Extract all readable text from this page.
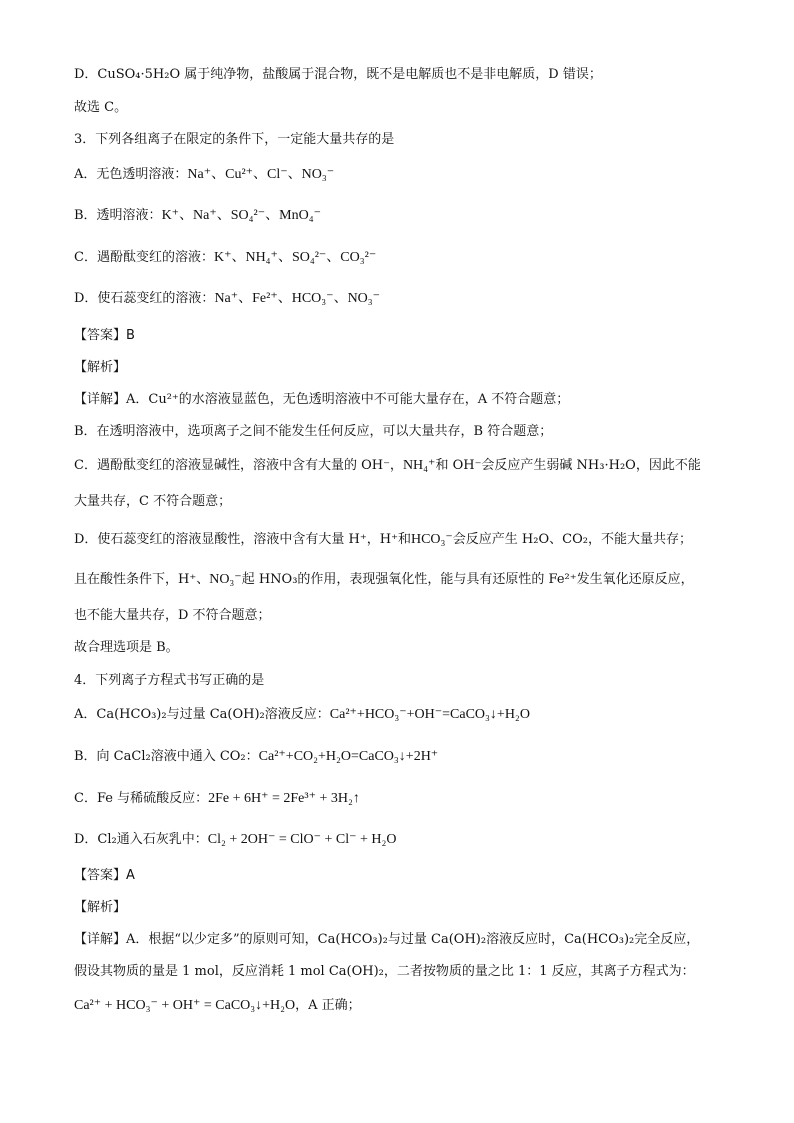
D．CuSO₄·5H₂O 属于纯净物，盐酸属于混合物，既不是电解质也不是非电解质，D 错误；
故选 C。
3．下列各组离子在限定的条件下，一定能大量共存的是
A．无色透明溶液：Na⁺、Cu²⁺、Cl⁻、NO₃⁻
B．透明溶液：K⁺、Na⁺、SO₄²⁻、MnO₄⁻
C．遇酚酞变红的溶液：K⁺、NH₄⁺、SO₄²⁻、CO₃²⁻
D．使石蕊变红的溶液：Na⁺、Fe²⁺、HCO₃⁻、NO₃⁻
【答案】B
【解析】
【详解】A．Cu²⁺的水溶液显蓝色，无色透明溶液中不可能大量存在，A 不符合题意；
B．在透明溶液中，选项离子之间不能发生任何反应，可以大量共存，B 符合题意；
C．遇酚酞变红的溶液显碱性，溶液中含有大量的 OH⁻，NH₄⁺和 OH⁻会反应产生弱碱 NH₃·H₂O，因此不能
大量共存，C 不符合题意；
D．使石蕊变红的溶液显酸性，溶液中含有大量 H⁺，H⁺和HCO₃⁻会反应产生 H₂O、CO₂，不能大量共存；
且在酸性条件下，H⁺、NO₃⁻起 HNO₃的作用，表现强氧化性，能与具有还原性的 Fe²⁺发生氧化还原反应，
也不能大量共存，D 不符合题意；
故合理选项是 B。
4．下列离子方程式书写正确的是
A．Ca(HCO₃)₂与过量 Ca(OH)₂溶液反应：Ca²⁺+HCO₃⁻+OH⁻=CaCO₃↓+H₂O
B．向 CaCl₂溶液中通入 CO₂：Ca²⁺+CO₂+H₂O=CaCO₃↓+2H⁺
C．Fe 与稀硫酸反应：2Fe + 6H⁺ = 2Fe³⁺ + 3H₂↑
D．Cl₂通入石灰乳中：Cl₂ + 2OH⁻ = ClO⁻ + Cl⁻ + H₂O
【答案】A
【解析】
【详解】A．根据“以少定多”的原则可知，Ca(HCO₃)₂与过量 Ca(OH)₂溶液反应时，Ca(HCO₃)₂完全反应，
假设其物质的量是 1 mol，反应消耗 1 mol Ca(OH)₂，二者按物质的量之比 1：1 反应，其离子方程式为：
Ca²⁺ + HCO₃⁻ + OH⁺ = CaCO₃↓+H₂O，A 正确；
